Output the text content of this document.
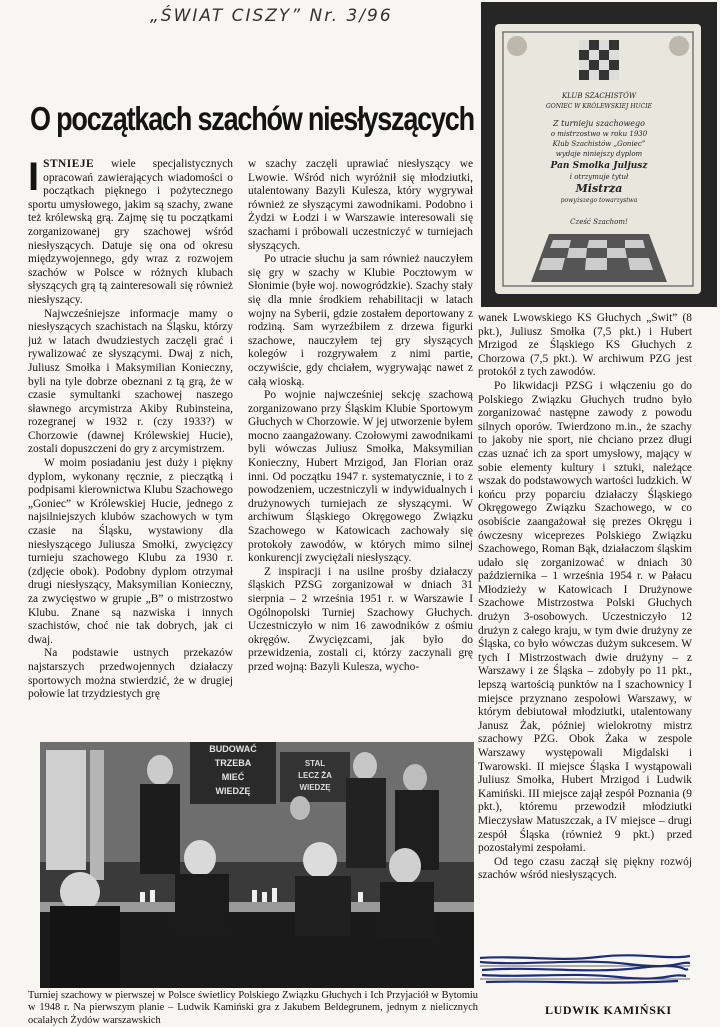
„ŚWIAT CISZY” Nr. 3/96
O początkach szachów niesłyszących

ISTNIEJE wiele specjalistycznych opracowań zawierających wiadomości o początkach pięknego i pożytecznego sportu umysłowego, jakim są szachy, zwane też królewską grą. Zajmę się tu początkami zorganizowanej gry szachowej wśród niesłyszących. Datuje się ona od okresu międzywojennego, gdy wraz z rozwojem szachów w Polsce w różnych klubach słyszących grą tą zainteresowali się również niesłyszący.

Najwcześniejsze informacje mamy o niesłyszących szachistach na Śląsku, którzy już w latach dwudziestych zaczęli grać i rywalizować ze słyszącymi. Dwaj z nich, Juliusz Smołka i Maksymilian Konieczny, byli na tyle dobrze obeznani z tą grą, że w czasie symultanki szachowej naszego sławnego arcymistrza Akiby Rubinsteina, rozegranej w 1932 r. (czy 1933?) w Chorzowie (dawnej Królewskiej Hucie), zostali dopuszczeni do gry z arcymistrzem.

W moim posiadaniu jest duży i piękny dyplom, wykonany ręcznie, z pieczątką i podpisami kierownictwa Klubu Szachowego „Goniec” w Królewskiej Hucie, jednego z najsilniejszych klubów szachowych w tym czasie na Śląsku, wystawiony dla niesłyszącego Juliusza Smołki, zwycięzcy turnieju szachowego Klubu za 1930 r. (zdjęcie obok). Podobny dyplom otrzymał drugi niesłyszący, Maksymilian Konieczny, za zwycięstwo w grupie „B” o mistrzostwo Klubu. Znane są nazwiska i innych szachistów, choć nie tak dobrych, jak ci dwaj.

Na podstawie ustnych przekazów najstarszych przedwojennych działaczy sportowych można stwierdzić, że w drugiej połowie lat trzydziestych grę

w szachy zaczęli uprawiać niesłyszący we Lwowie. Wśród nich wyróżnił się młodziutki, utalentowany Bazyli Kulesza, który wygrywał również ze słyszącymi zawodnikami. Podobno i Żydzi w Łodzi i w Warszawie interesowali się szachami i próbowali uczestniczyć w turniejach słyszących.

Po utracie słuchu ja sam również nauczyłem się gry w szachy w Klubie Pocztowym w Słonimie (byłe woj. nowogródzkie). Szachy stały się dla mnie środkiem rehabilitacji w latach wojny na Syberii, gdzie zostałem deportowany z rodziną. Sam wyrzeźbiłem z drzewa figurki szachowe, nauczyłem tej gry słyszących kolegów i rozgrywałem z nimi partie, oczywiście, gdy chciałem, wygrywając nawet z całą wioską.

Po wojnie najwcześniej sekcję szachową zorganizowano przy Śląskim Klubie Sportowym Głuchych w Chorzowie. W jej utworzenie byłem mocno zaangażowany. Czołowymi zawodnikami byli wówczas Juliusz Smołka, Maksymilian Konieczny, Hubert Mrzigod, Jan Florian oraz inni. Od początku 1947 r. systematycznie, i to z powodzeniem, uczestniczyli w indywidualnych i drużynowych turniejach ze słyszącymi. W archiwum Śląskiego Okręgowego Związku Szachowego w Katowicach zachowały się protokoły zawodów, w których mimo silnej konkurencji zwyciężali niesłyszący.

Z inspiracji i na usilne prośby działaczy śląskich PZSG zorganizował w dniach 31 sierpnia – 2 września 1951 r. w Warszawie I Ogólnopolski Turniej Szachowy Głuchych. Uczestniczyło w nim 16 zawodników z ośmiu okręgów. Zwycięzcami, jak było do przewidzenia, zostali ci, którzy zaczynali grę przed wojną: Bazyli Kulesza, wycho-

wanek Lwowskiego KS Głuchych „Świt” (8 pkt.), Juliusz Smołka (7,5 pkt.) i Hubert Mrzigod ze Śląskiego KS Głuchych z Chorzowa (7,5 pkt.). W archiwum PZG jest protokół z tych zawodów.

Po likwidacji PZSG i włączeniu go do Polskiego Związku Głuchych trudno było zorganizować następne zawody z powodu silnych oporów. Twierdzono m.in., że szachy to jakoby nie sport, nie chciano przez długi czas uznać ich za sport umysłowy, mający w sobie elementy kultury i sztuki, należące wszak do podstawowych wartości ludzkich. W końcu przy poparciu działaczy Śląskiego Okręgowego Związku Szachowego, w co osobiście zaangażował się prezes Okręgu i ówczesny wiceprezes Polskiego Związku Szachowego, Roman Bąk, działaczom śląskim udało się zorganizować w dniach 30 października – 1 września 1954 r. w Pałacu Młodzieży w Katowicach I Drużynowe Szachowe Mistrzostwa Polski Głuchych drużyn 3-osobowych. Uczestniczyło 12 drużyn z całego kraju, w tym dwie drużyny ze Śląska, co było wówczas dużym sukcesem. W tych I Mistrzostwach dwie drużyny – z Warszawy i ze Śląska – zdobyły po 11 pkt., lepszą wartością punktów na I szachownicy I miejsce przyznano zespołowi Warszawy, w którym debiutował młodziutki, utalentowany Janusz Żak, później wielokrotny mistrz szachowy PZG. Obok Żaka w zespole Warszawy występowali Migdalski i Twarowski. II miejsce Śląska I wystąpowali Juliusz Smołka, Hubert Mrzigod i Ludwik Kamiński. III miejsce zajął zespół Poznania (9 pkt.), któremu przewodził młodziutki Mieczysław Matuszczak, a IV miejsce – drugi zespół Śląska (również 9 pkt.) przed pozostałymi zespołami.

Od tego czasu zaczął się piękny rozwój szachów wśród niesłyszących.

KLUB SZACHISTÓW
GONIEC W KRÓLEWSKIEJ HUCIE
Z turnieju szachowego
o mistrzostwo w roku 1930
Klub Szachistów „Goniec”
wydaje niniejszy dyplom
Pan Smolka Juljusz
i otrzymuje tytuł
Mistrza
powyższego towarzystwa
Cześć Szachom!
BUDOWAĆ
TRZEBA
MIEĆ
WIEDZĘ
STAL
LECZ ŻA
WIEDZĘ
Turniej szachowy w pierwszej w Polsce świetlicy Polskiego Związku Głuchych i Ich Przyjaciół w Bytomiu w 1948 r. Na pierwszym planie – Ludwik Kamiński gra z Jakubem Beldegrunem, jednym z nielicznych ocalałych Żydów warszawskich
LUDWIK KAMIŃSKI
